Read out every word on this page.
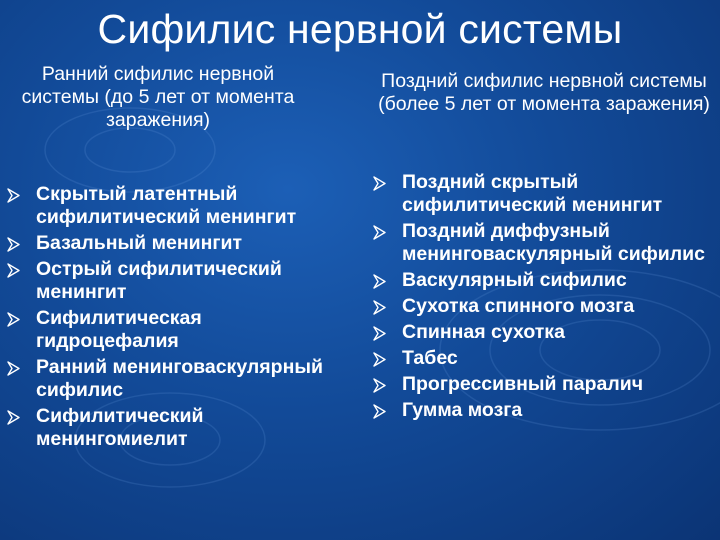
Сифилис нервной системы
Ранний сифилис нервной системы (до 5 лет от момента заражения)
Поздний сифилис нервной системы (более 5 лет от момента заражения)
Скрытый латентный сифилитический менингит
Базальный менингит
Острый сифилитический менингит
Сифилитическая гидроцефалия
Ранний менинговаскулярный сифилис
Сифилитический менингомиелит
Поздний скрытый сифилитический менингит
Поздний диффузный менинговаскулярный сифилис
Васкулярный сифилис
Сухотка спинного мозга
Спинная сухотка
Табес
Прогрессивный паралич
Гумма мозга
